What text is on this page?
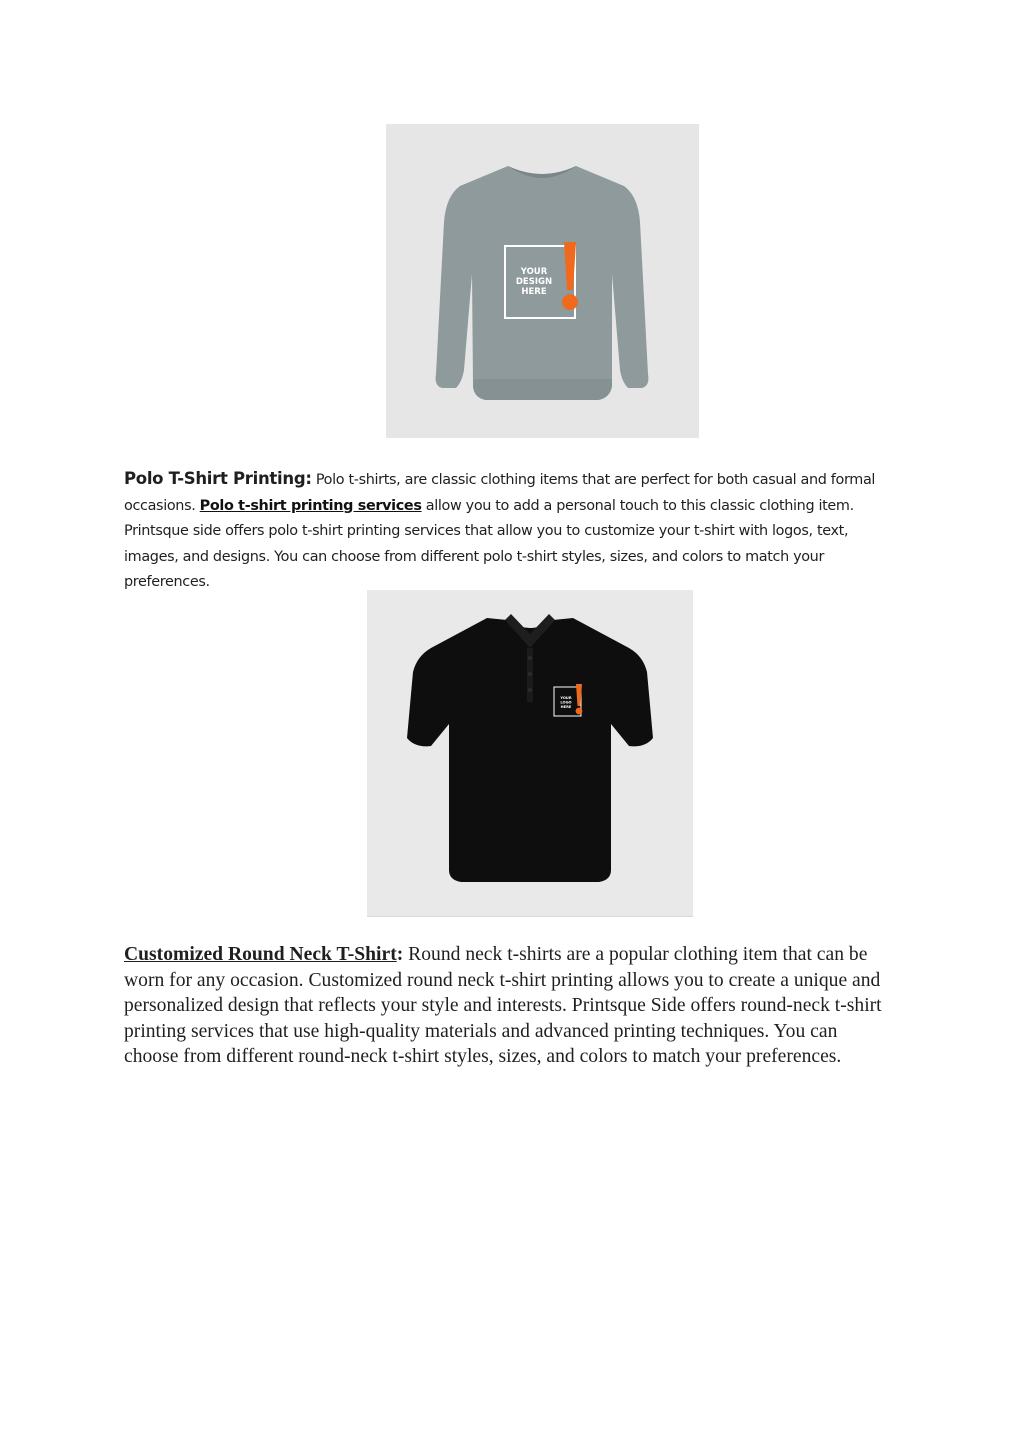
YOUR
DESIGN
HERE
Polo T-Shirt Printing: Polo t-shirts, are classic clothing items that are perfect for both casual and formal occasions. Polo t-shirt printing services allow you to add a personal touch to this classic clothing item. Printsque side offers polo t-shirt printing services that allow you to customize your t-shirt with logos, text, images, and designs. You can choose from different polo t-shirt styles, sizes, and colors to match your preferences.
YOUR
LOGO
HERE
Customized Round Neck T-Shirt: Round neck t-shirts are a popular clothing item that can be worn for any occasion. Customized round neck t-shirt printing allows you to create a unique and personalized design that reflects your style and interests. Printsque Side offers round-neck t-shirt printing services that use high-quality materials and advanced printing techniques. You can choose from different round-neck t-shirt styles, sizes, and colors to match your preferences.
